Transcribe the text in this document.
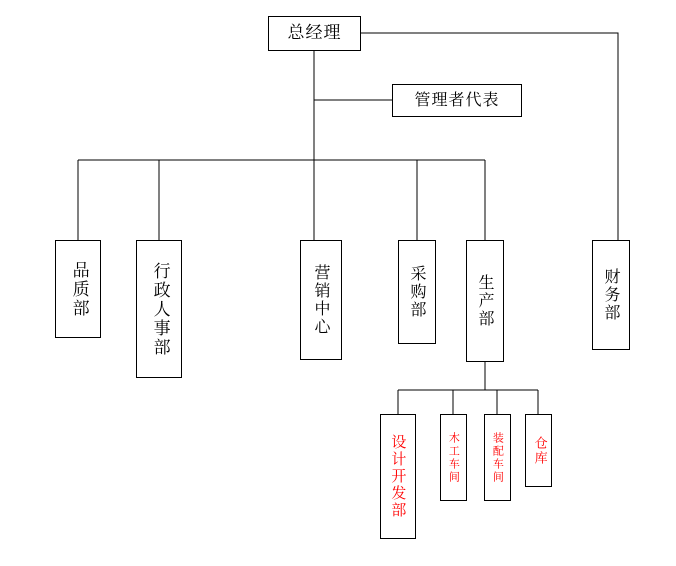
总经理
管理者代表
品质部	行政人事部	营销中心	采购部	生产部	财务部
设计开发部	木工车间	装配车间 仓库
